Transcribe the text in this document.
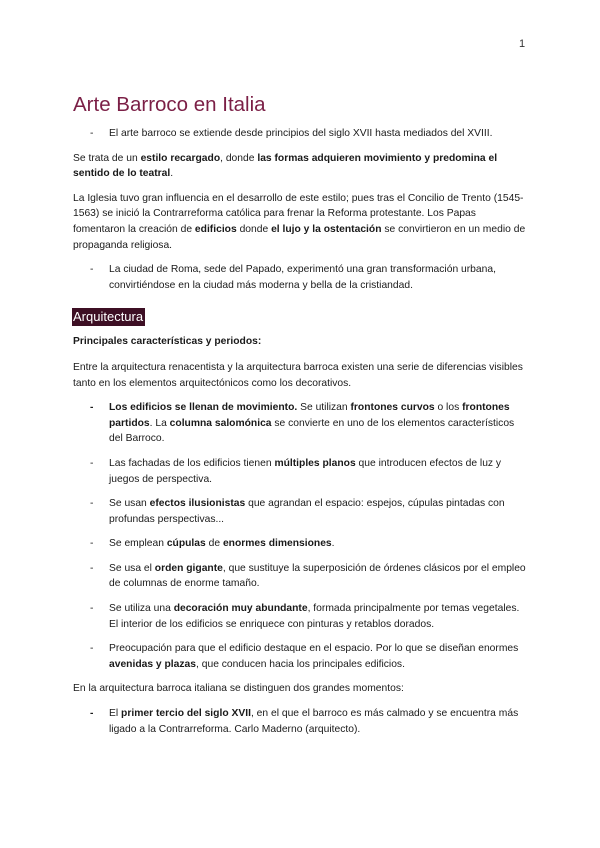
1
Arte Barroco en Italia
- El arte barroco se extiende desde principios del siglo XVII hasta mediados del XVIII.

Se trata de un estilo recargado, donde las formas adquieren movimiento y predomina el sentido de lo teatral.

La Iglesia tuvo gran influencia en el desarrollo de este estilo; pues tras el Concilio de Trento (1545-1563) se inició la Contrarreforma católica para frenar la Reforma protestante. Los Papas fomentaron la creación de edificios donde el lujo y la ostentación se convirtieron en un medio de propaganda religiosa.

- La ciudad de Roma, sede del Papado, experimentó una gran transformación urbana, convirtiéndose en la ciudad más moderna y bella de la cristiandad.
Arquitectura

Principales características y periodos:

Entre la arquitectura renacentista y la arquitectura barroca existen una serie de diferencias visibles tanto en los elementos arquitectónicos como los decorativos.

- Los edificios se llenan de movimiento. Se utilizan frontones curvos o los frontones partidos. La columna salomónica se convierte en uno de los elementos característicos del Barroco.
- Las fachadas de los edificios tienen múltiples planos que introducen efectos de luz y juegos de perspectiva.
- Se usan efectos ilusionistas que agrandan el espacio: espejos, cúpulas pintadas con profundas perspectivas...
- Se emplean cúpulas de enormes dimensiones.
- Se usa el orden gigante, que sustituye la superposición de órdenes clásicos por el empleo de columnas de enorme tamaño.
- Se utiliza una decoración muy abundante, formada principalmente por temas vegetales. El interior de los edificios se enriquece con pinturas y retablos dorados.
- Preocupación para que el edificio destaque en el espacio. Por lo que se diseñan enormes avenidas y plazas, que conducen hacia los principales edificios.

En la arquitectura barroca italiana se distinguen dos grandes momentos:

- El primer tercio del siglo XVII, en el que el barroco es más calmado y se encuentra más ligado a la Contrarreforma. Carlo Maderno (arquitecto).
